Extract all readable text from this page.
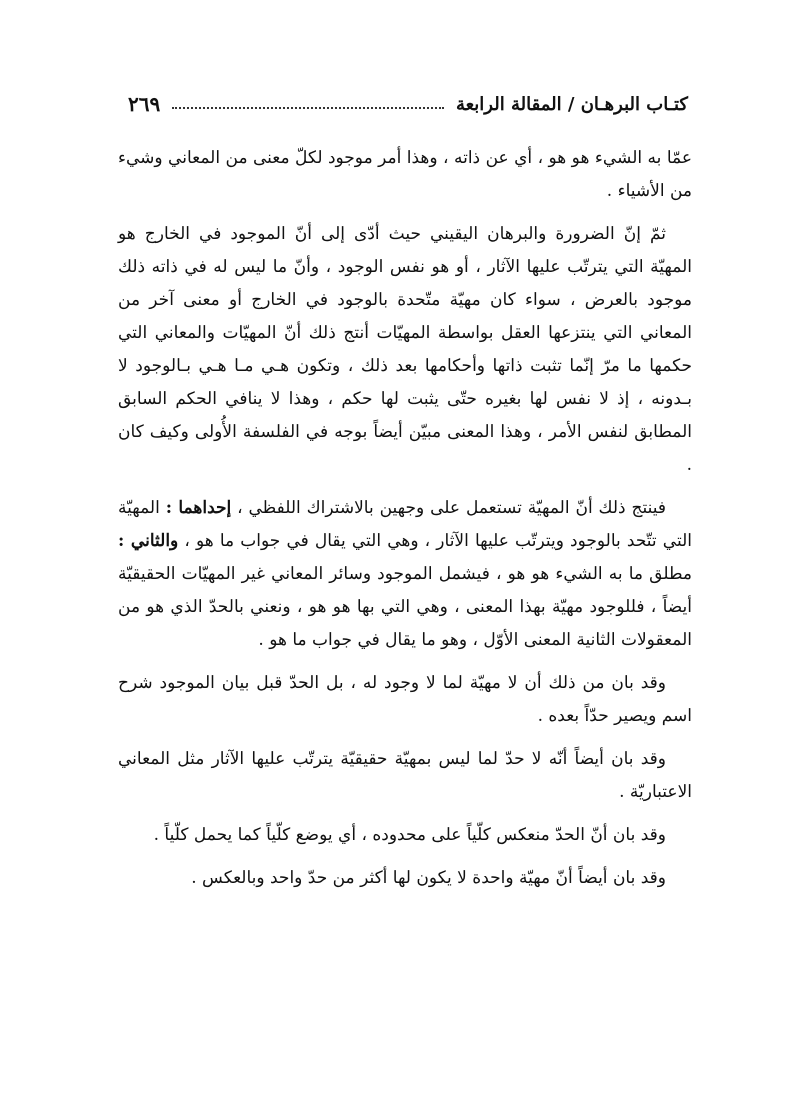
كتـاب البرهـان / المقالة الرابعة
٢٦٩

عمّا به الشيء هو هو ، أي عن ذاته ، وهذا أمر موجود لكلّ معنى من المعاني وشيء من الأشياء .

ثمّ إنّ الضرورة والبرهان اليقيني حيث أدّى إلى أنّ الموجود في الخارج هو المهيّة التي يترتّب عليها الآثار ، أو هو نفس الوجود ، وأنّ ما ليس له في ذاته ذلك موجود بالعرض ، سواء كان مهيّة متّحدة بالوجود في الخارج أو معنى آخر من المعاني التي ينتزعها العقل بواسطة المهيّات أنتج ذلك أنّ المهيّات والمعاني التي حكمها ما مرّ إنّما تثبت ذاتها وأحكامها بعد ذلك ، وتكون هـي مـا هـي بـالوجود لا بـدونه ، إذ لا نفس لها بغيره حتّى يثبت لها حكم ، وهذا لا ينافي الحكم السابق المطابق لنفس الأمر ، وهذا المعنى مبيّن أيضاً بوجه في الفلسفة الأُولى وكيف كان .

فينتج ذلك أنّ المهيّة تستعمل على وجهين بالاشتراك اللفظي ، إحداهما : المهيّة التي تتّحد بالوجود ويترتّب عليها الآثار ، وهي التي يقال في جواب ما هو ، والثاني : مطلق ما به الشيء هو هو ، فيشمل الموجود وسائر المعاني غير المهيّات الحقيقيّة أيضاً ، فللوجود مهيّة بهذا المعنى ، وهي التي بها هو هو ، ونعني بالحدّ الذي هو من المعقولات الثانية المعنى الأوّل ، وهو ما يقال في جواب ما هو .

وقد بان من ذلك أن لا مهيّة لما لا وجود له ، بل الحدّ قبل بيان الموجود شرح اسم ويصير حدّاً بعده .

وقد بان أيضاً أنّه لا حدّ لما ليس بمهيّة حقيقيّة يترتّب عليها الآثار مثل المعاني الاعتباريّة .

وقد بان أنّ الحدّ منعكس كلّياً على محدوده ، أي يوضع كلّياً كما يحمل كلّياً .

وقد بان أيضاً أنّ مهيّة واحدة لا يكون لها أكثر من حدّ واحد وبالعكس .
